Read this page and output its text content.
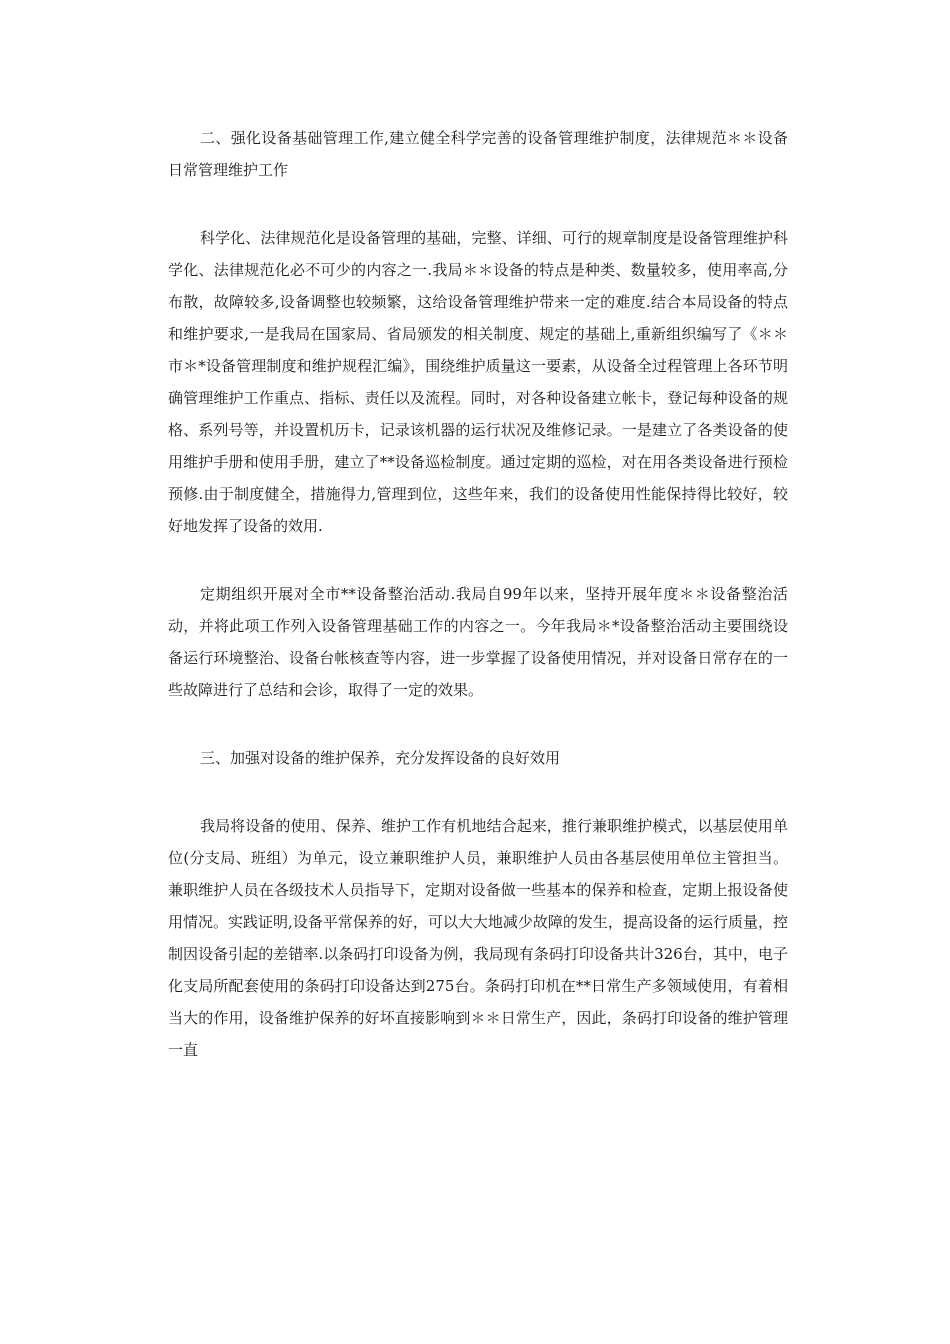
二、强化设备基础管理工作,建立健全科学完善的设备管理维护制度，法律规范＊＊设备日常管理维护工作

科学化、法律规范化是设备管理的基础，完整、详细、可行的规章制度是设备管理维护科学化、法律规范化必不可少的内容之一.我局＊＊设备的特点是种类、数量较多，使用率高,分布散，故障较多,设备调整也较频繁，这给设备管理维护带来一定的难度.结合本局设备的特点和维护要求,一是我局在国家局、省局颁发的相关制度、规定的基础上,重新组织编写了《＊＊市＊*设备管理制度和维护规程汇编》，围绕维护质量这一要素，从设备全过程管理上各环节明确管理维护工作重点、指标、责任以及流程。同时，对各种设备建立帐卡，登记每种设备的规格、系列号等，并设置机历卡，记录该机器的运行状况及维修记录。一是建立了各类设备的使用维护手册和使用手册，建立了**设备巡检制度。通过定期的巡检，对在用各类设备进行预检预修.由于制度健全，措施得力,管理到位，这些年来，我们的设备使用性能保持得比较好，较好地发挥了设备的效用.

定期组织开展对全市**设备整治活动.我局自99年以来，坚持开展年度＊＊设备整治活动，并将此项工作列入设备管理基础工作的内容之一。今年我局＊*设备整治活动主要围绕设备运行环境整治、设备台帐核查等内容，进一步掌握了设备使用情况，并对设备日常存在的一些故障进行了总结和会诊，取得了一定的效果。

三、加强对设备的维护保养，充分发挥设备的良好效用

我局将设备的使用、保养、维护工作有机地结合起来，推行兼职维护模式，以基层使用单位(分支局、班组）为单元，设立兼职维护人员，兼职维护人员由各基层使用单位主管担当。兼职维护人员在各级技术人员指导下，定期对设备做一些基本的保养和检查，定期上报设备使用情况。实践证明,设备平常保养的好，可以大大地减少故障的发生，提高设备的运行质量，控制因设备引起的差错率.以条码打印设备为例，我局现有条码打印设备共计326台，其中，电子化支局所配套使用的条码打印设备达到275台。条码打印机在**日常生产多领域使用，有着相当大的作用，设备维护保养的好坏直接影响到＊＊日常生产，因此，条码打印设备的维护管理一直
